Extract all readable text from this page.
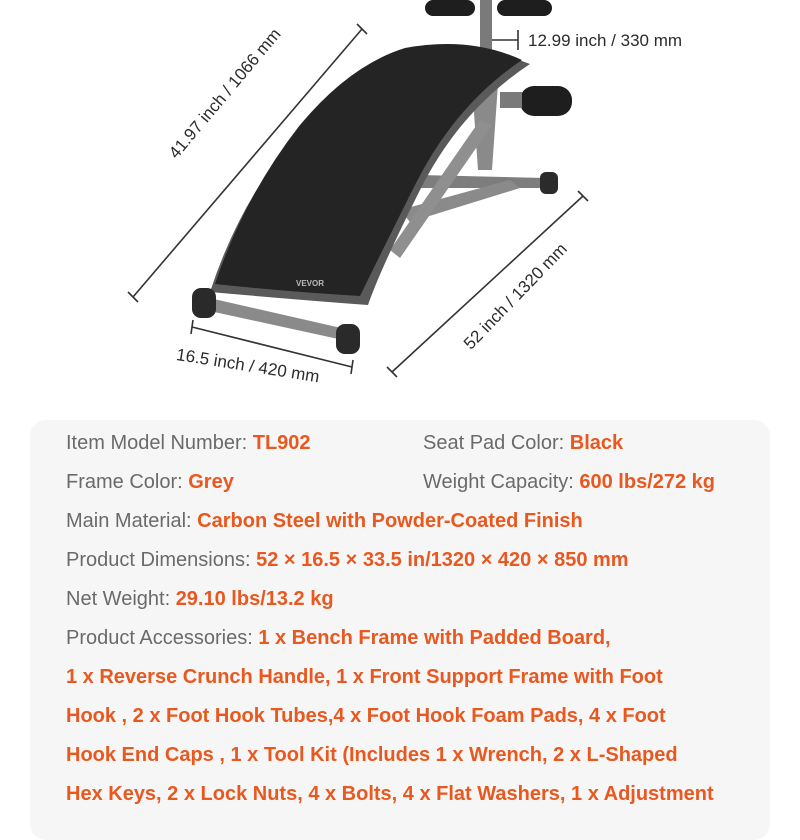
VEVOR
12.99 inch / 330 mm
41.97 inch / 1066 mm
52 inch / 1320 mm
16.5 inch / 420 mm
Item Model Number: TL902	Seat Pad Color: Black
Frame Color: Grey	Weight Capacity: 600 lbs/272 kg
Main Material: Carbon Steel with Powder-Coated Finish
Product Dimensions: 52 × 16.5 × 33.5 in/1320 × 420 × 850 mm
Net Weight: 29.10 lbs/13.2 kg
Product Accessories: 1 x Bench Frame with Padded Board,
1 x Reverse Crunch Handle, 1 x Front Support Frame with Foot
Hook , 2 x Foot Hook Tubes,4 x Foot Hook Foam Pads, 4 x Foot
Hook End Caps , 1 x Tool Kit (Includes 1 x Wrench, 2 x L-Shaped
Hex Keys, 2 x Lock Nuts, 4 x Bolts, 4 x Flat Washers, 1 x Adjustment
